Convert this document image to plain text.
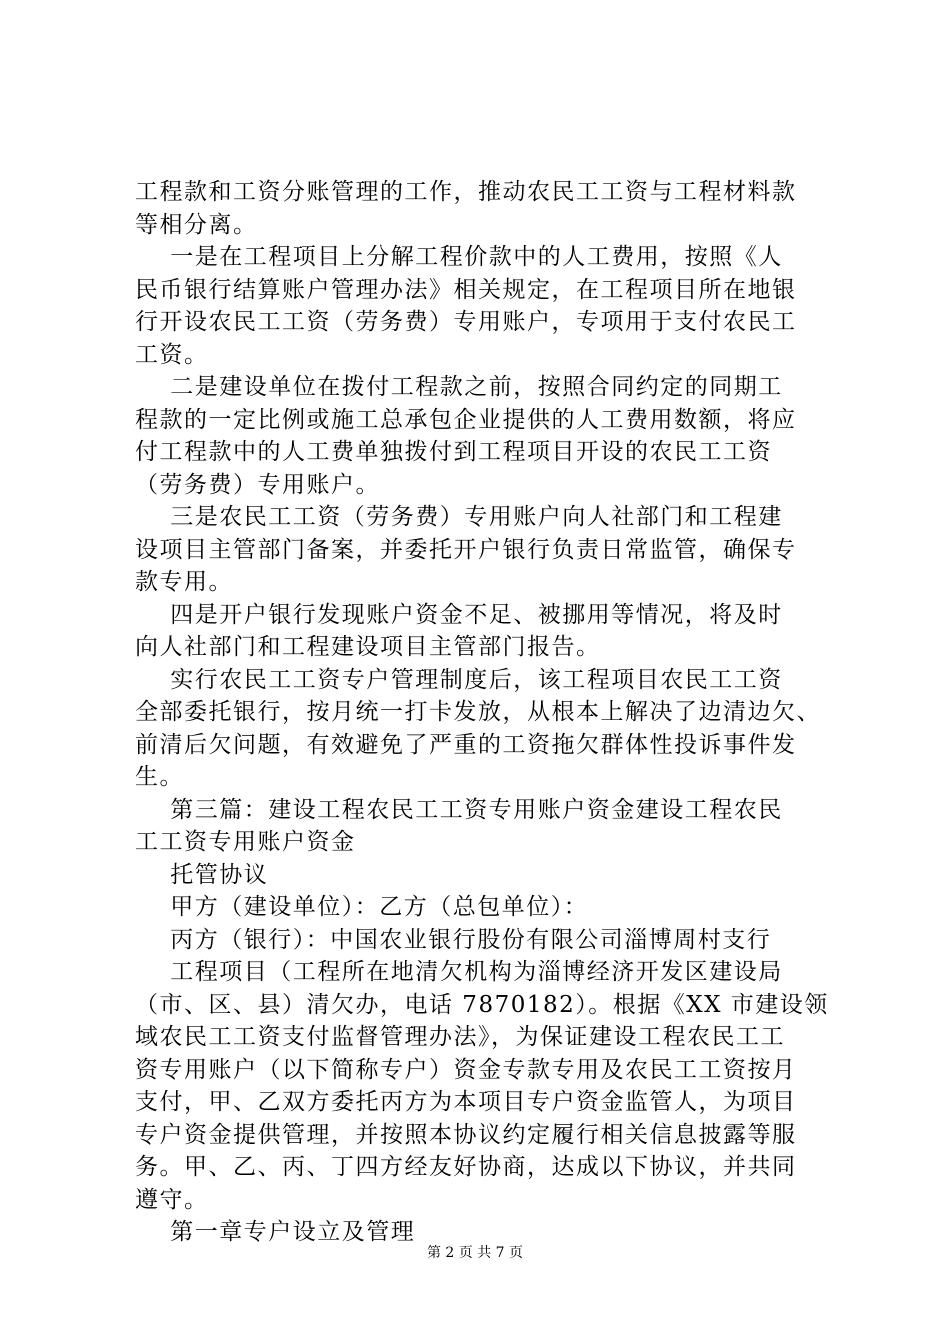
工程款和工资分账管理的工作，推动农民工工资与工程材料款
等相分离。
一是在工程项目上分解工程价款中的人工费用，按照《人
民币银行结算账户管理办法》相关规定，在工程项目所在地银
行开设农民工工资（劳务费）专用账户，专项用于支付农民工
工资。
二是建设单位在拨付工程款之前，按照合同约定的同期工
程款的一定比例或施工总承包企业提供的人工费用数额，将应
付工程款中的人工费单独拨付到工程项目开设的农民工工资
（劳务费）专用账户。
三是农民工工资（劳务费）专用账户向人社部门和工程建
设项目主管部门备案，并委托开户银行负责日常监管，确保专
款专用。
四是开户银行发现账户资金不足、被挪用等情况，将及时
向人社部门和工程建设项目主管部门报告。
实行农民工工资专户管理制度后，该工程项目农民工工资
全部委托银行，按月统一打卡发放，从根本上解决了边清边欠、
前清后欠问题，有效避免了严重的工资拖欠群体性投诉事件发
生。
第三篇：建设工程农民工工资专用账户资金建设工程农民
工工资专用账户资金
托管协议
甲方（建设单位）：乙方（总包单位）：
丙方（银行）：中国农业银行股份有限公司淄博周村支行
工程项目（工程所在地清欠机构为淄博经济开发区建设局
（市、区、县）清欠办，电话 7870182）。根据《XX 市建设领
域农民工工资支付监督管理办法》，为保证建设工程农民工工
资专用账户（以下简称专户）资金专款专用及农民工工资按月
支付，甲、乙双方委托丙方为本项目专户资金监管人，为项目
专户资金提供管理，并按照本协议约定履行相关信息披露等服
务。甲、乙、丙、丁四方经友好协商，达成以下协议，并共同
遵守。
第一章专户设立及管理
第 2 页 共 7 页
